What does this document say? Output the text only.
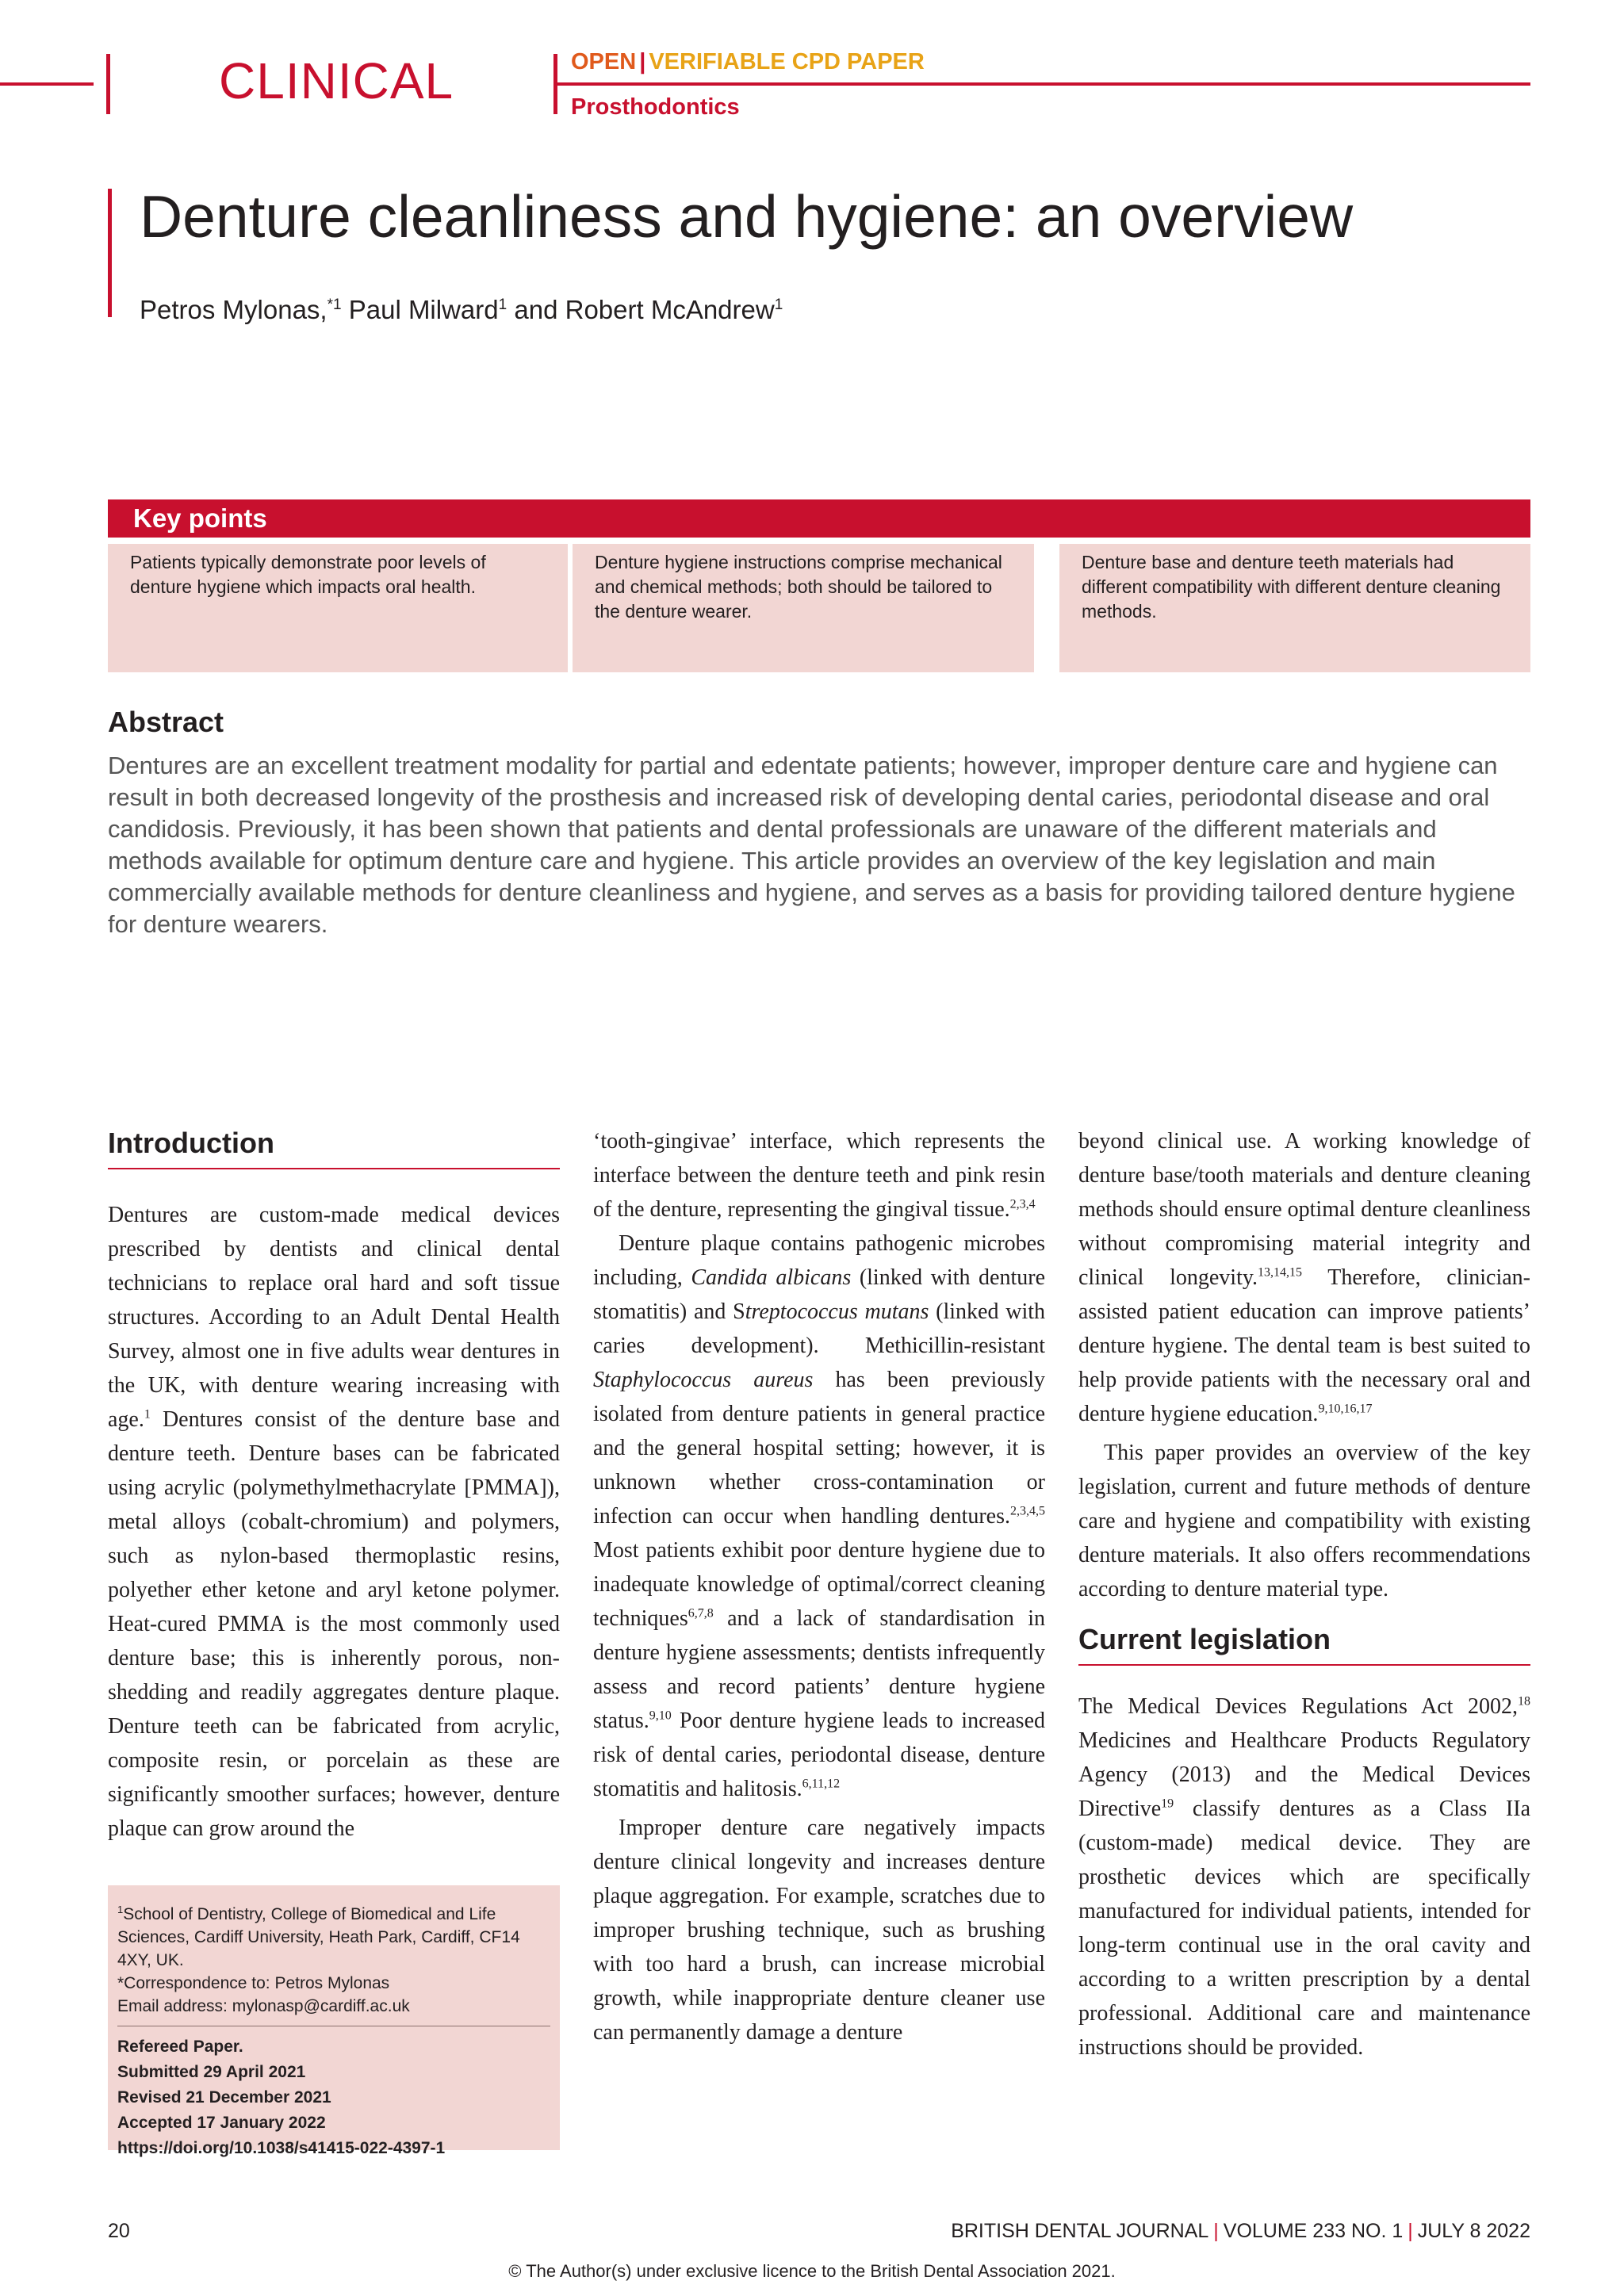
CLINICAL	OPEN | VERIFIABLE CPD PAPER
Prosthodontics
Denture cleanliness and hygiene: an overview
Petros Mylonas,$^{*1}$ Paul Milward$^1$ and Robert McAndrew$^1$
Key points
Patients typically demonstrate poor levels of denture hygiene which impacts oral health.
Denture hygiene instructions comprise mechanical and chemical methods; both should be tailored to the denture wearer.
Denture base and denture teeth materials had different compatibility with different denture cleaning methods.
Abstract
Dentures are an excellent treatment modality for partial and edentate patients; however, improper denture care and hygiene can result in both decreased longevity of the prosthesis and increased risk of developing dental caries, periodontal disease and oral candidosis. Previously, it has been shown that patients and dental professionals are unaware of the different materials and methods available for optimum denture care and hygiene. This article provides an overview of the key legislation and main commercially available methods for denture cleanliness and hygiene, and serves as a basis for providing tailored denture hygiene for denture wearers.
Introduction

Dentures are custom-made medical devices prescribed by dentists and clinical dental technicians to replace oral hard and soft tissue structures. According to an Adult Dental Health Survey, almost one in five adults wear dentures in the UK, with denture wearing increasing with age.$^1$ Dentures consist of the denture base and denture teeth. Denture bases can be fabricated using acrylic (polymethylmethacrylate [PMMA]), metal alloys (cobalt-chromium) and polymers, such as nylon-based thermoplastic resins, polyether ether ketone and aryl ketone polymer. Heat-cured PMMA is the most commonly used denture base; this is inherently porous, non-shedding and readily aggregates denture plaque. Denture teeth can be fabricated from acrylic, composite resin, or porcelain as these are significantly smoother surfaces; however, denture plaque can grow around the

$^1$School of Dentistry, College of Biomedical and Life Sciences, Cardiff University, Heath Park, Cardiff, CF14 4XY, UK.
*Correspondence to: Petros Mylonas
Email address: mylonasp@cardiff.ac.uk
Refereed Paper.
Submitted 29 April 2021
Revised 21 December 2021
Accepted 17 January 2022
https://doi.org/10.1038/s41415-022-4397-1

‘tooth-gingivae’ interface, which represents the interface between the denture teeth and pink resin of the denture, representing the gingival tissue.$^{2,3,4}$

Denture plaque contains pathogenic microbes including, Candida albicans (linked with denture stomatitis) and Streptococcus mutans (linked with caries development). Methicillin-resistant Staphylococcus aureus has been previously isolated from denture patients in general practice and the general hospital setting; however, it is unknown whether cross-contamination or infection can occur when handling dentures.$^{2,3,4,5}$ Most patients exhibit poor denture hygiene due to inadequate knowledge of optimal/correct cleaning techniques$^{6,7,8}$ and a lack of standardisation in denture hygiene assessments; dentists infrequently assess and record patients’ denture hygiene status.$^{9,10}$ Poor denture hygiene leads to increased risk of dental caries, periodontal disease, denture stomatitis and halitosis.$^{6,11,12}$

Improper denture care negatively impacts denture clinical longevity and increases denture plaque aggregation. For example, scratches due to improper brushing technique, such as brushing with too hard a brush, can increase microbial growth, while inappropriate denture cleaner use can permanently damage a denture

beyond clinical use. A working knowledge of denture base/tooth materials and denture cleaning methods should ensure optimal denture cleanliness without compromising material integrity and clinical longevity.$^{13,14,15}$ Therefore, clinician-assisted patient education can improve patients’ denture hygiene. The dental team is best suited to help provide patients with the necessary oral and denture hygiene education.$^{9,10,16,17}$

This paper provides an overview of the key legislation, current and future methods of denture care and hygiene and compatibility with existing denture materials. It also offers recommendations according to denture material type.

Current legislation

The Medical Devices Regulations Act 2002,18 Medicines and Healthcare Products Regulatory Agency (2013) and the Medical Devices Directive$^{19}$ classify dentures as a Class IIa (custom-made) medical device. They are prosthetic devices which are specifically manufactured for individual patients, intended for long-term continual use in the oral cavity and according to a written prescription by a dental professional. Additional care and maintenance instructions should be provided.

20	BRITISH DENTAL JOURNAL | VOLUME 233 NO. 1 | JULY 8 2022
© The Author(s) under exclusive licence to the British Dental Association 2021.
